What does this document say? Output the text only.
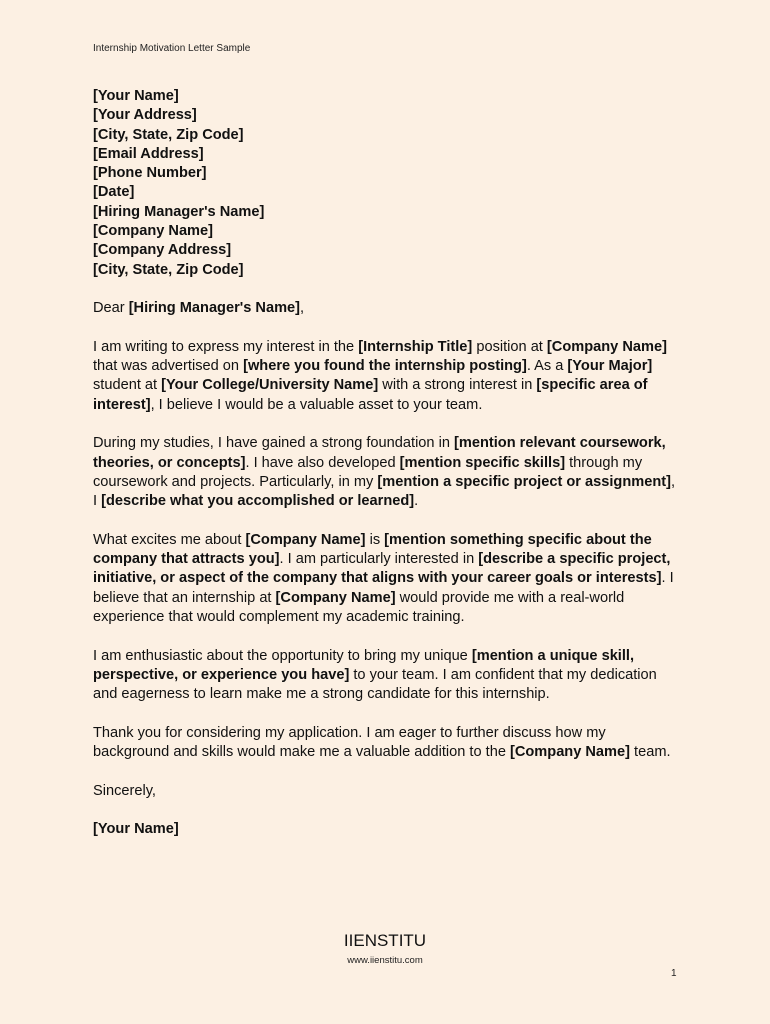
Internship Motivation Letter Sample
[Your Name]
[Your Address]
[City, State, Zip Code]
[Email Address]
[Phone Number]
[Date]
[Hiring Manager's Name]
[Company Name]
[Company Address]
[City, State, Zip Code]
Dear [Hiring Manager's Name],
I am writing to express my interest in the [Internship Title] position at [Company Name] that was advertised on [where you found the internship posting]. As a [Your Major] student at [Your College/University Name] with a strong interest in [specific area of interest], I believe I would be a valuable asset to your team.
During my studies, I have gained a strong foundation in [mention relevant coursework, theories, or concepts]. I have also developed [mention specific skills] through my coursework and projects. Particularly, in my [mention a specific project or assignment], I [describe what you accomplished or learned].
What excites me about [Company Name] is [mention something specific about the company that attracts you]. I am particularly interested in [describe a specific project, initiative, or aspect of the company that aligns with your career goals or interests]. I believe that an internship at [Company Name] would provide me with a real-world experience that would complement my academic training.
I am enthusiastic about the opportunity to bring my unique [mention a unique skill, perspective, or experience you have] to your team. I am confident that my dedication and eagerness to learn make me a strong candidate for this internship.
Thank you for considering my application. I am eager to further discuss how my background and skills would make me a valuable addition to the [Company Name] team.
Sincerely,
[Your Name]
IIENSTITU
www.iienstitu.com
1
